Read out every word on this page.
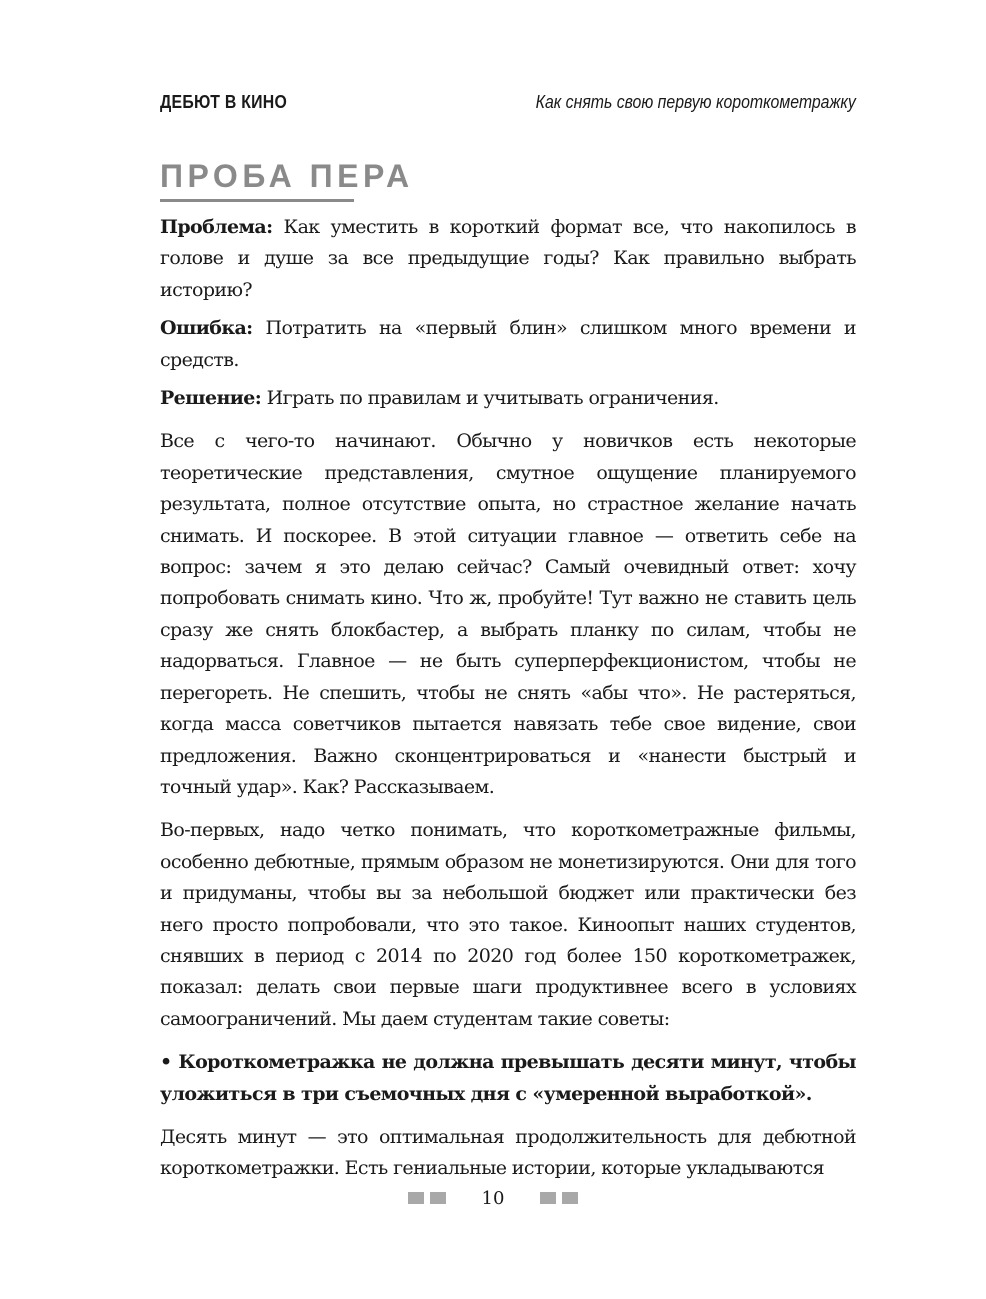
ДЕБЮТ В КИНО	Как снять свою первую короткометражку
ПРОБА ПЕРА

Проблема: Как уместить в короткий формат все, что накопилось в голове и душе за все предыдущие годы? Как правильно выбрать историю?

Ошибка: Потратить на «первый блин» слишком много времени и средств.

Решение: Играть по правилам и учитывать ограничения.

Все с чего-то начинают. Обычно у новичков есть некоторые теоретические представления, смутное ощущение планируемого результата, полное отсутствие опыта, но страстное желание начать снимать. И поскорее. В этой ситуации главное — ответить себе на вопрос: зачем я это делаю сейчас? Самый очевидный ответ: хочу попробовать снимать кино. Что ж, пробуйте! Тут важно не ставить цель сразу же снять блокбастер, а выбрать планку по силам, чтобы не надорваться. Главное — не быть суперперфекционистом, чтобы не перегореть. Не спешить, чтобы не снять «абы что». Не растеряться, когда масса советчиков пытается навязать тебе свое видение, свои предложения. Важно сконцентрироваться и «нанести быстрый и точный удар». Как? Рассказываем.

Во-первых, надо четко понимать, что короткометражные фильмы, особенно дебютные, прямым образом не монетизируются. Они для того и придуманы, чтобы вы за небольшой бюджет или практически без него просто попробовали, что это такое. Киноопыт наших студентов, снявших в период с 2014 по 2020 год более 150 короткометражек, показал: делать свои первые шаги продуктивнее всего в условиях самоограничений. Мы даем студентам такие советы:

• Короткометражка не должна превышать десяти минут, чтобы уложиться в три съемочных дня с «умеренной выработкой».

Десять минут — это оптимальная продолжительность для дебютной короткометражки. Есть гениальные истории, которые укладываются

10
